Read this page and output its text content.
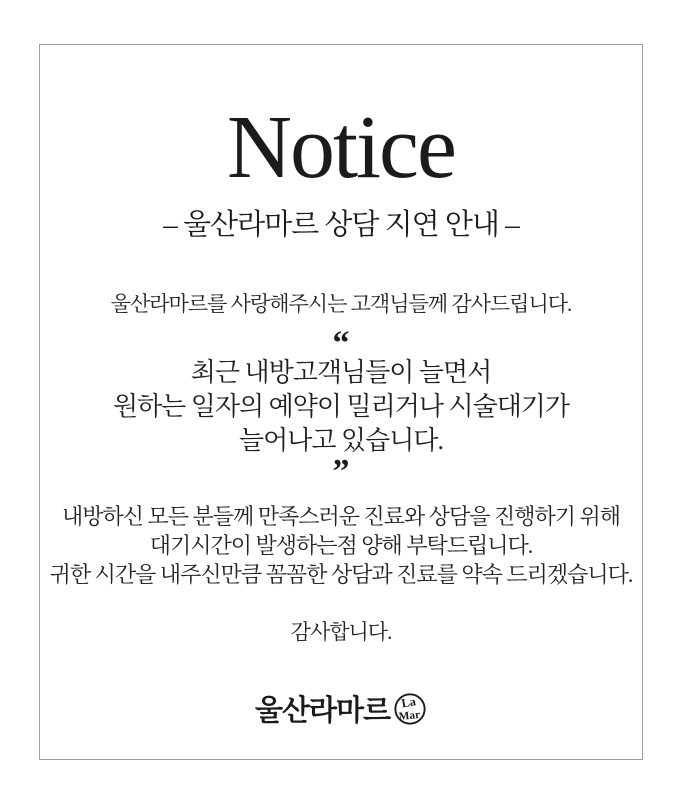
Notice
– 울산라마르 상담 지연 안내 –
울산라마르를 사랑해주시는 고객님들께 감사드립니다.
“
최근 내방고객님들이 늘면서
원하는 일자의 예약이 밀리거나 시술대기가
늘어나고 있습니다.
”
내방하신 모든 분들께 만족스러운 진료와 상담을 진행하기 위해
대기시간이 발생하는점 양해 부탁드립니다.
귀한 시간을 내주신만큼 꼼꼼한 상담과 진료를 약속 드리겠습니다.
감사합니다.
울산라마르 La
Mar
